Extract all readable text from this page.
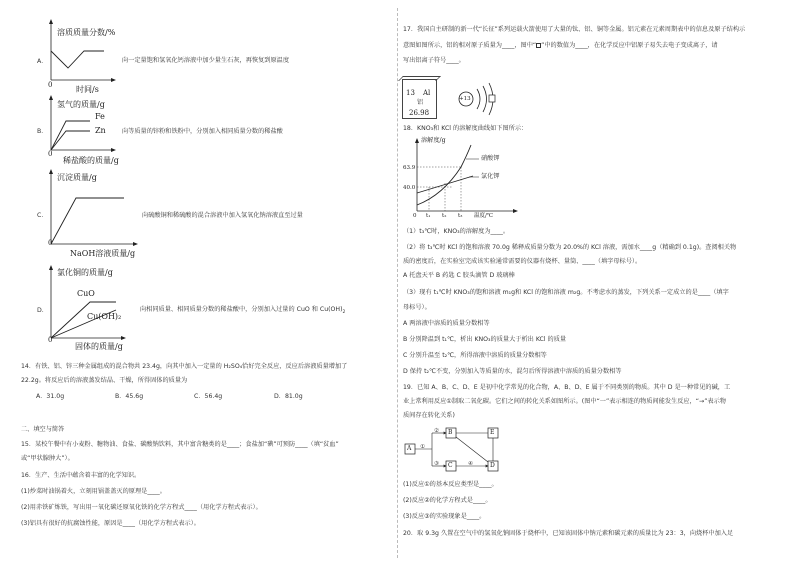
A．
溶质质量分数/%
0	时间/s
向一定量饱和氢氧化钙溶液中加少量生石灰，再恢复到原温度
B．
氢气的质量/g
Fe
Zn
0
稀盐酸的质量/g
向等质量的锌粉和铁粉中，分别加入相同质量分数的稀盐酸
C．
沉淀质量/g
0
NaOH溶液质量/g
向硫酸铜和稀硫酸的混合溶液中加入氢氧化钠溶液直至过量
D．
氯化铜的质量/g
CuO
Cu(OH)₂
0
固体的质量/g
向相同质量、相同质量分数的稀盐酸中，分别加入过量的 CuO 和 $Cu(OH)_2$
14．有铁、铝、锌三种金属组成的混合物共 23.4g，向其中加入一定量的 H₂SO₄恰好完全反应，反应后溶液质量增加了
22.2g。将反应后的溶液蒸发结晶、干燥，所得固体的质量为
A．31.0g	B．45.6g	C．56.4g	D．81.0g
二、填空与简答
15．某校午餐中有小麦粉、糖物油、食盐、碳酸钠饮料，其中富含糖类的是____；食盐加“碘”可预防____（填“贫血”
或“甲状腺肿大”）。
16．生产、生活中蕴含着丰富的化学知识。
(1)炒菜时油锅着火，立刻用锅盖盖灭的原理是____。
(2)用赤铁矿炼铁，写出用一氧化碳还原氧化铁的化学方程式____（用化学方程式表示）。
(3)铝具有很好的抗腐蚀性能，原因是____（用化学方程式表示）。
17．我国自主研制的新一代“长征”系列运载火箭使用了大量的钛、铝、铜等金属。铝元素在元素周期表中的信息及原子结构示
意图如图所示，铝的相对原子质量为____，图中“ ”中的数值为____，在化学反应中铝原子易失去电子变成离子，请
写出铝离子符号____。
13 Al
铝
26.98
+13
18．KNO₃和 KCl 的溶解度曲线如下图所示：
溶解度/g
63.9
40.0
0 t₁ t₂ t₃ 温度/℃
硝酸钾
氯化钾
（1）t₃℃时，KNO₃的溶解度为____。
（2）将 t₃℃时 KCl 的饱和溶液 70.0g 稀释成质量分数为 20.0%的 KCl 溶液，需加水____g（精确到 0.1g)。查阅相关物
质的密度后，在实验室完成该实验通常需要的仪器有烧杯、量筒、____（填字母标号）。
A 托盘天平 B 药匙 C 胶头滴管 D 玻璃棒
（3）现有 t₁℃时 KNO₃的饱和溶液 m₁g和 KCl 的饱和溶液 m₂g。不考虑水的蒸发，下列关系一定成立的是____（填字
母标号）。
A 两溶液中溶质的质量分数相等
B 分别降温到 t₁℃，析出 KNO₃的质量大于析出 KCl 的质量
C 分别升温至 t₂℃，所得溶液中溶质的质量分数相等
D 保持 t₂℃不变，分别加入等质量的水，混匀后所得溶液中溶质的质量分数相等
19．已知 A、B、C、D、E 是初中化学常见的化合物，A、B、D、E 属于不同类别的物质。其中 D 是一种常见的碱，工
业上常利用反应①制取二氧化碳。它们之间的转化关系如图所示。(图中“一”表示相连的物质间能发生反应，“→”表示物
质间存在转化关系)
A
B
C	D
E
①
②
③	④
(1)反应①的基本反应类型是____。
(2)反应②的化学方程式是____。
(3)反应③的实验现象是____。
20．取 9.3g 久置在空气中的氢氧化钠固体于烧杯中，已知该固体中钠元素和碳元素的质量比为 23：3，向烧杯中加入足
